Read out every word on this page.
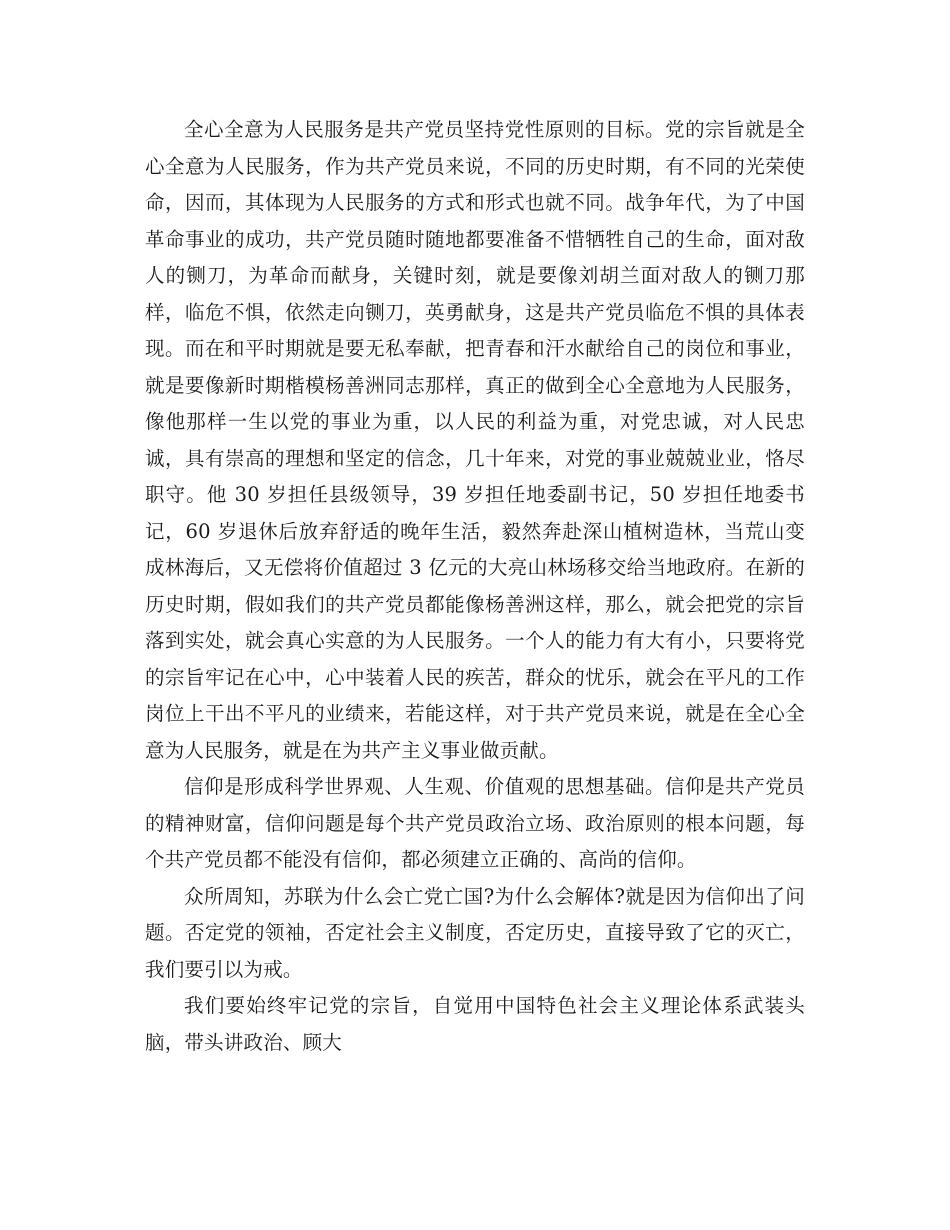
全心全意为人民服务是共产党员坚持党性原则的目标。党的宗旨就是全心全意为人民服务，作为共产党员来说，不同的历史时期，有不同的光荣使命，因而，其体现为人民服务的方式和形式也就不同。战争年代，为了中国革命事业的成功，共产党员随时随地都要准备不惜牺牲自己的生命，面对敌人的铡刀，为革命而献身，关键时刻，就是要像刘胡兰面对敌人的铡刀那样，临危不惧，依然走向铡刀，英勇献身，这是共产党员临危不惧的具体表现。而在和平时期就是要无私奉献，把青春和汗水献给自己的岗位和事业，就是要像新时期楷模杨善洲同志那样，真正的做到全心全意地为人民服务，像他那样一生以党的事业为重，以人民的利益为重，对党忠诚，对人民忠诚，具有崇高的理想和坚定的信念，几十年来，对党的事业兢兢业业，恪尽职守。他 30 岁担任县级领导，39 岁担任地委副书记，50 岁担任地委书记，60 岁退休后放弃舒适的晚年生活，毅然奔赴深山植树造林，当荒山变成林海后，又无偿将价值超过 3 亿元的大亮山林场移交给当地政府。在新的历史时期，假如我们的共产党员都能像杨善洲这样，那么，就会把党的宗旨落到实处，就会真心实意的为人民服务。一个人的能力有大有小，只要将党的宗旨牢记在心中，心中装着人民的疾苦，群众的忧乐，就会在平凡的工作岗位上干出不平凡的业绩来，若能这样，对于共产党员来说，就是在全心全意为人民服务，就是在为共产主义事业做贡献。

信仰是形成科学世界观、人生观、价值观的思想基础。信仰是共产党员的精神财富，信仰问题是每个共产党员政治立场、政治原则的根本问题，每个共产党员都不能没有信仰，都必须建立正确的、高尚的信仰。

众所周知，苏联为什么会亡党亡国?为什么会解体?就是因为信仰出了问题。否定党的领袖，否定社会主义制度，否定历史，直接导致了它的灭亡，我们要引以为戒。

我们要始终牢记党的宗旨，自觉用中国特色社会主义理论体系武装头脑，带头讲政治、顾大
